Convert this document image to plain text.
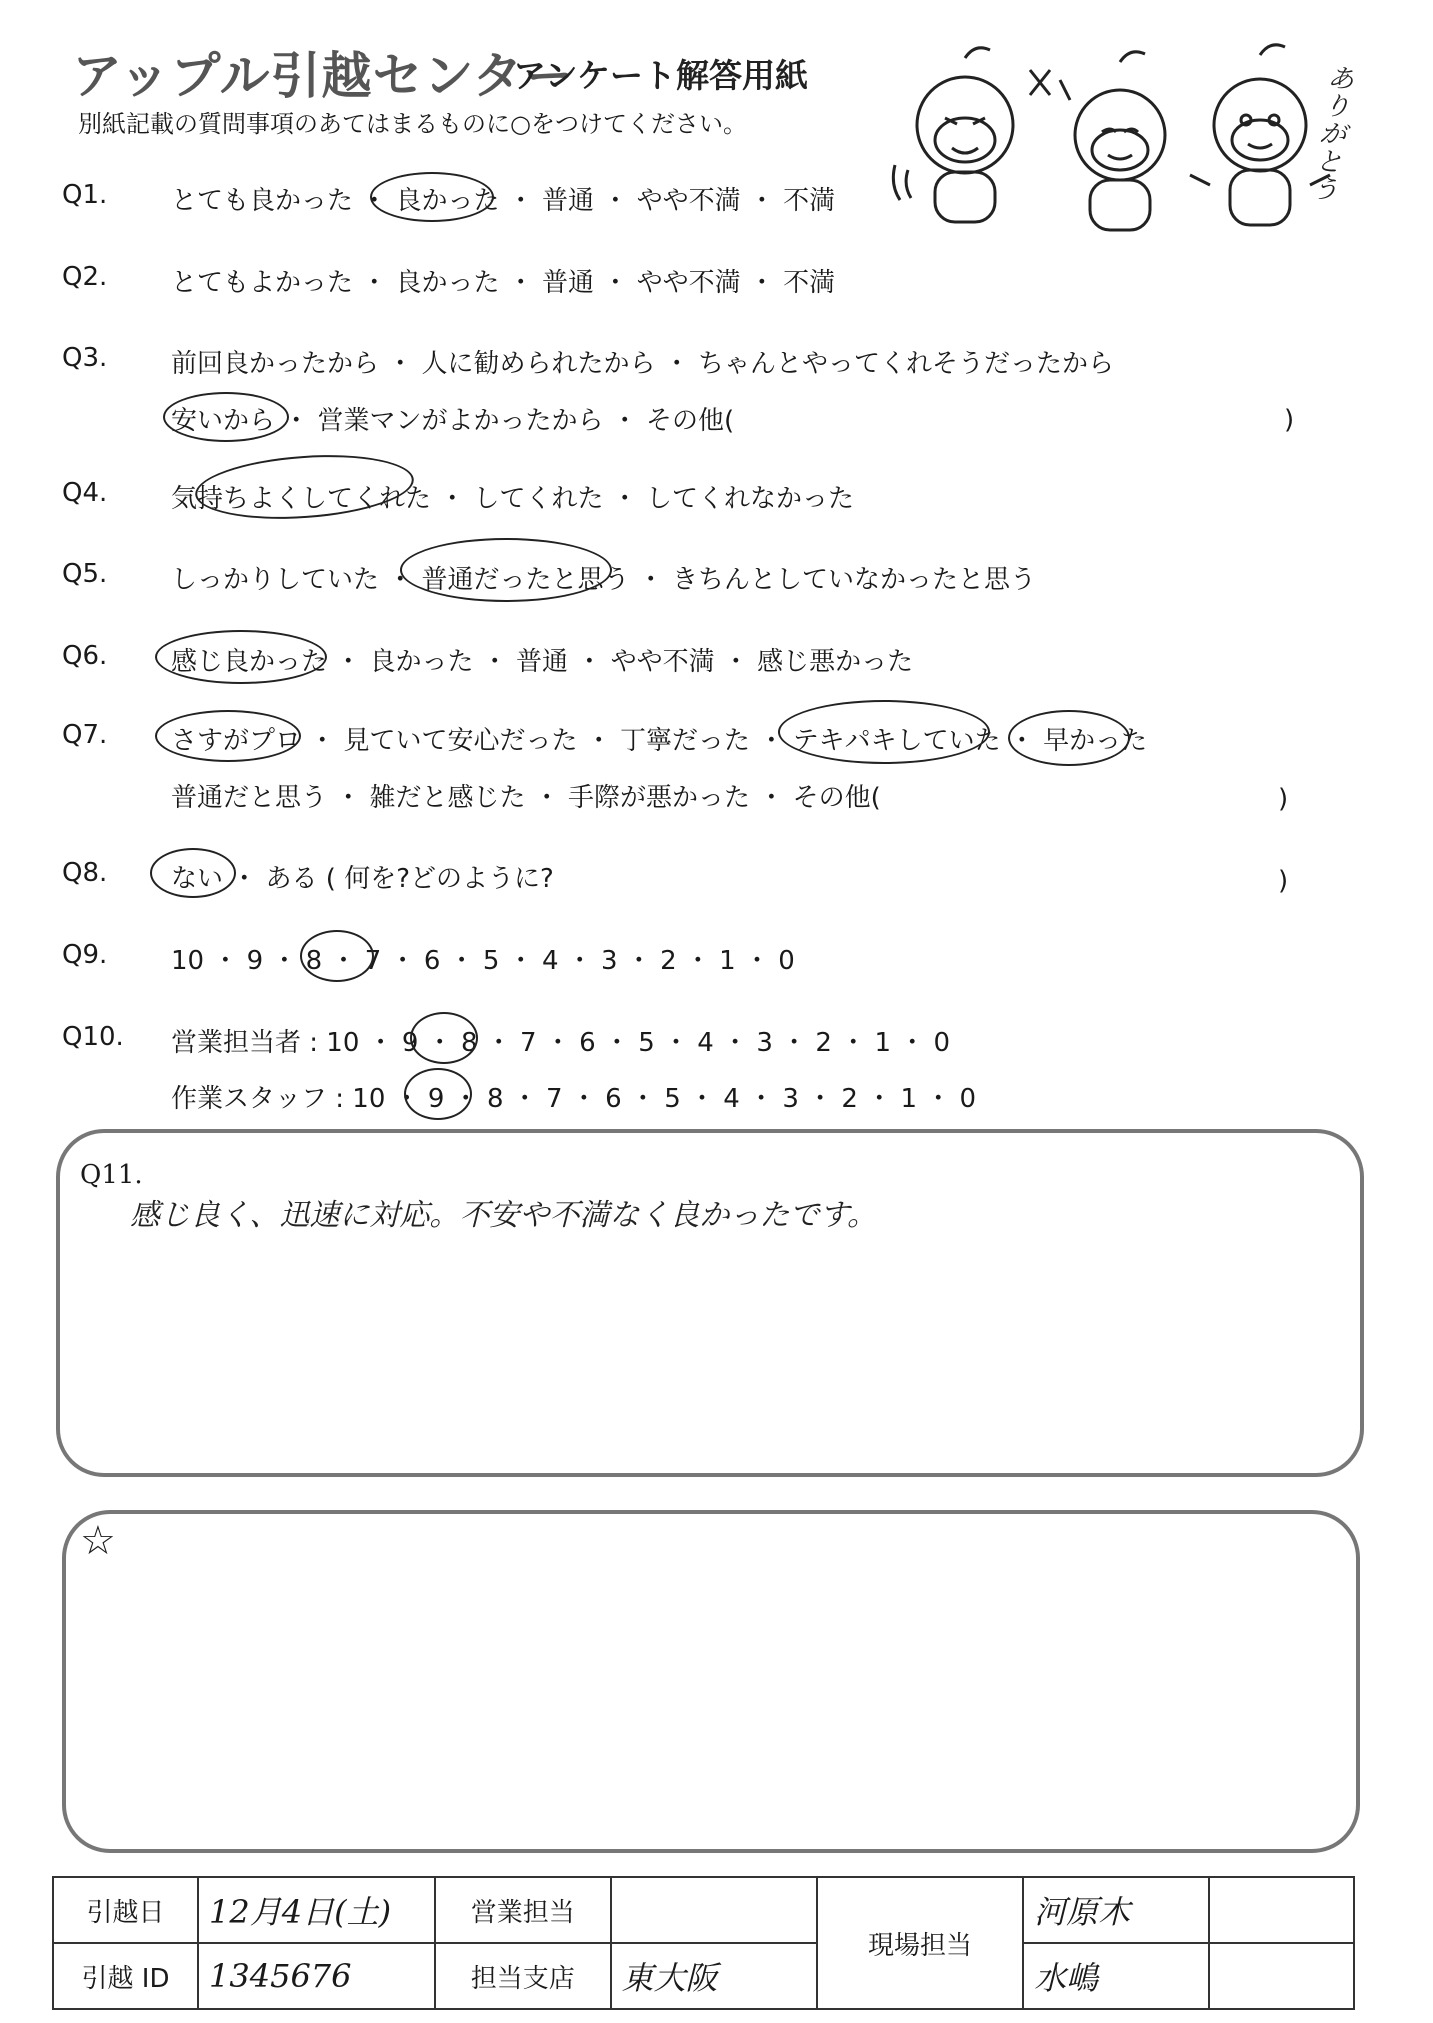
アップル引越センター
アンケート解答用紙
別紙記載の質問事項のあてはまるものに○をつけてください。
ありがとう
Q1. とても良かった ・ 良かった ・ 普通 ・ やや不満 ・ 不満
Q2. とてもよかった ・ 良かった ・ 普通 ・ やや不満 ・ 不満
Q3. 前回良かったから ・ 人に勧められたから ・ ちゃんとやってくれそうだったから
安いから ・ 営業マンがよかったから ・ その他(	)
Q4. 気持ちよくしてくれた ・ してくれた ・ してくれなかった
Q5. しっかりしていた ・ 普通だったと思う ・ きちんとしていなかったと思う
Q6. 感じ良かった ・ 良かった ・ 普通 ・ やや不満 ・ 感じ悪かった
Q7. さすがプロ ・ 見ていて安心だった ・ 丁寧だった ・ テキパキしていた ・ 早かった
普通だと思う ・ 雑だと感じた ・ 手際が悪かった ・ その他(	)
Q8. ない ・ ある ( 何を?どのように?	)
Q9. 10 ・ 9 ・ 8 ・ 7 ・ 6 ・ 5 ・ 4 ・ 3 ・ 2 ・ 1 ・ 0
Q10. 営業担当者 : 10 ・ 9 ・ 8 ・ 7 ・ 6 ・ 5 ・ 4 ・ 3 ・ 2 ・ 1 ・ 0
作業スタッフ : 10 ・ 9 ・ 8 ・ 7 ・ 6 ・ 5 ・ 4 ・ 3 ・ 2 ・ 1 ・ 0
Q11.
感じ良く、迅速に対応。不安や不満なく良かったです。
☆
引越日	12月4日(土)	営業担当		現場担当	河原木	
引越 ID	1345676	担当支店	東大阪		水嶋	
